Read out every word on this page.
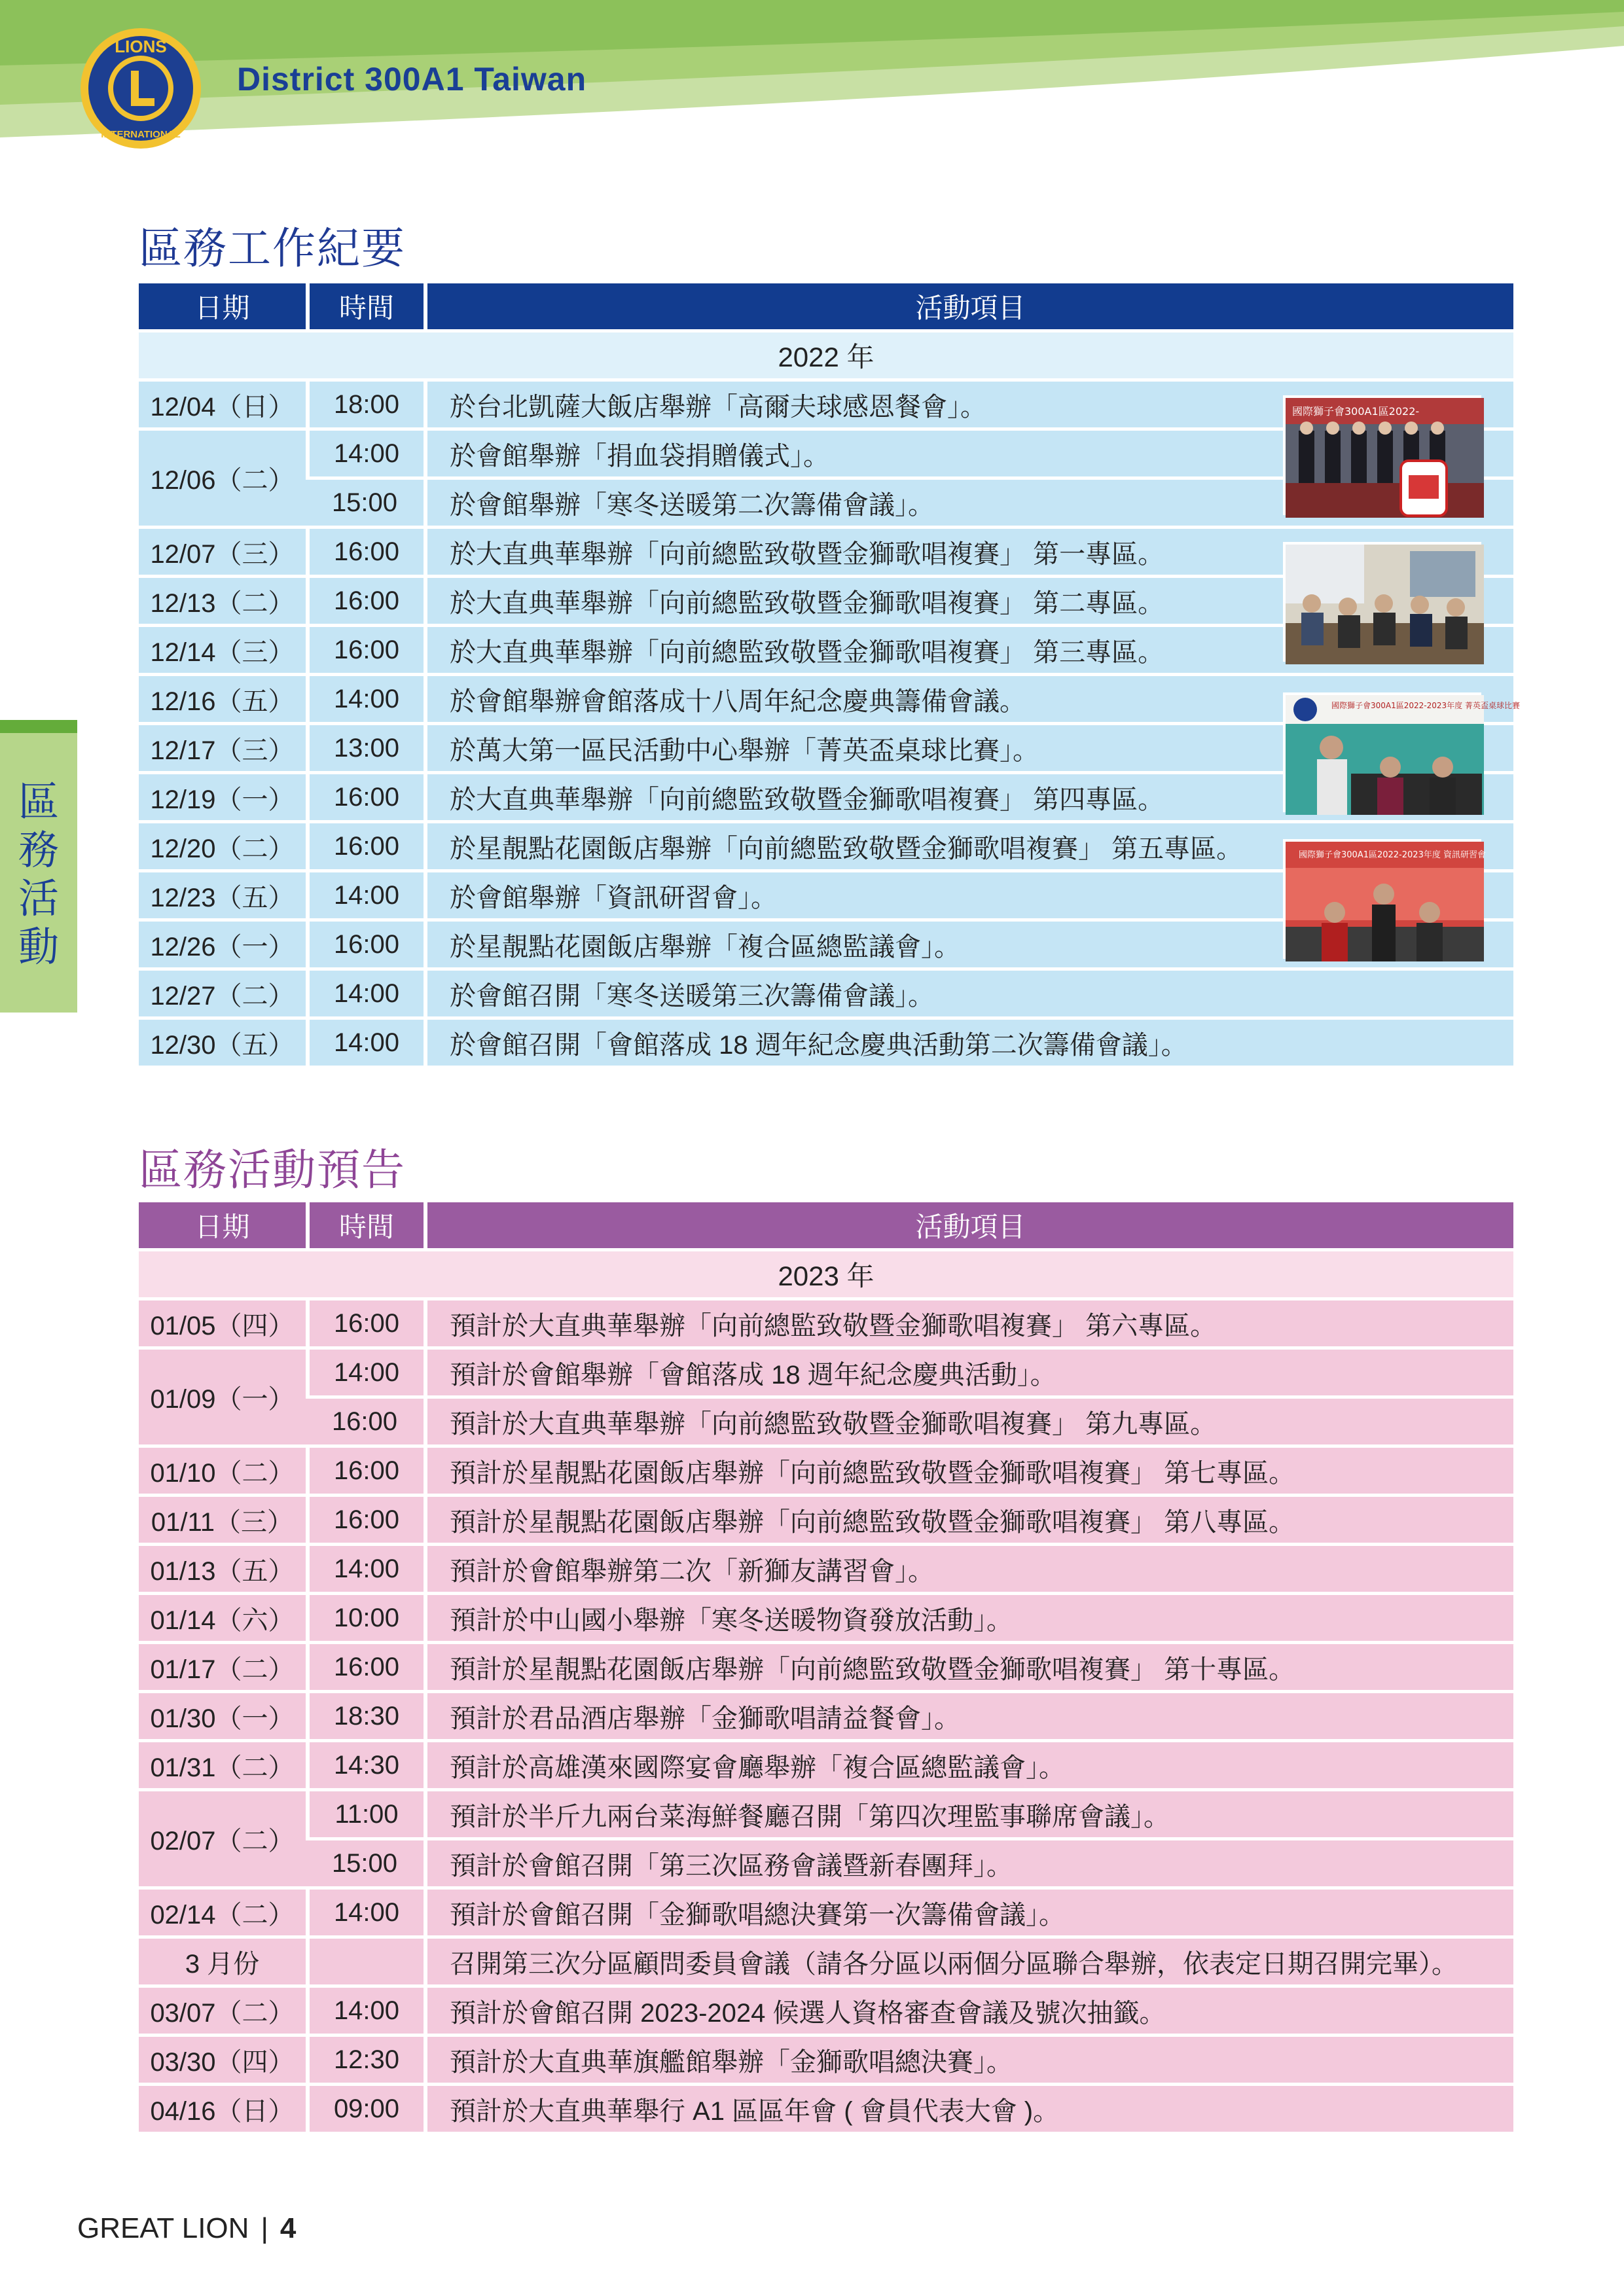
LIONS
INTERNATIONAL
District 300A1 Taiwan
區
務
活
動
區務工作紀要
日期	時間	活動項目
2022 年		
12/04（日）	18:00	於台北凱薩大飯店舉辦「高爾夫球感恩餐會」。
12/06（二）	14:00	於會館舉辦「捐血袋捐贈儀式」。
	15:00	於會館舉辦「寒冬送暖第二次籌備會議」。
12/07（三）	16:00	於大直典華舉辦「向前總監致敬暨金獅歌唱複賽」 第一專區。
12/13（二）	16:00	於大直典華舉辦「向前總監致敬暨金獅歌唱複賽」 第二專區。
12/14（三）	16:00	於大直典華舉辦「向前總監致敬暨金獅歌唱複賽」 第三專區。
12/16（五）	14:00	於會館舉辦會館落成十八周年紀念慶典籌備會議。
12/17（三）	13:00	於萬大第一區民活動中心舉辦「菁英盃桌球比賽」。
12/19（一）	16:00	於大直典華舉辦「向前總監致敬暨金獅歌唱複賽」 第四專區。
12/20（二）	16:00	於星靚點花園飯店舉辦「向前總監致敬暨金獅歌唱複賽」 第五專區。
12/23（五）	14:00	於會館舉辦「資訊研習會」。
12/26（一）	16:00	於星靚點花園飯店舉辦「複合區總監議會」。
12/27（二）	14:00	於會館召開「寒冬送暖第三次籌備會議」。
12/30（五）	14:00	於會館召開「會館落成 18 週年紀念慶典活動第二次籌備會議」。
國際獅子會300A1區2022-
國際獅子會300A1區2022-2023年度 菁英盃桌球比賽
國際獅子會300A1區2022-2023年度 資訊研習會
區務活動預告
日期	時間	活動項目
2023 年		
01/05（四）	16:00	預計於大直典華舉辦「向前總監致敬暨金獅歌唱複賽」 第六專區。
01/09（一）	14:00	預計於會館舉辦「會館落成 18 週年紀念慶典活動」。
	16:00	預計於大直典華舉辦「向前總監致敬暨金獅歌唱複賽」 第九專區。
01/10（二）	16:00	預計於星靚點花園飯店舉辦「向前總監致敬暨金獅歌唱複賽」 第七專區。
01/11（三）	16:00	預計於星靚點花園飯店舉辦「向前總監致敬暨金獅歌唱複賽」 第八專區。
01/13（五）	14:00	預計於會館舉辦第二次「新獅友講習會」。
01/14（六）	10:00	預計於中山國小舉辦「寒冬送暖物資發放活動」。
01/17（二）	16:00	預計於星靚點花園飯店舉辦「向前總監致敬暨金獅歌唱複賽」 第十專區。
01/30（一）	18:30	預計於君品酒店舉辦「金獅歌唱請益餐會」。
01/31（二）	14:30	預計於高雄漢來國際宴會廳舉辦「複合區總監議會」。
02/07（二）	11:00	預計於半斤九兩台菜海鮮餐廳召開「第四次理監事聯席會議」。
	15:00	預計於會館召開「第三次區務會議暨新春團拜」。
02/14（二）	14:00	預計於會館召開「金獅歌唱總決賽第一次籌備會議」。
3 月份		召開第三次分區顧問委員會議（請各分區以兩個分區聯合舉辦，依表定日期召開完畢）。
03/07（二）	14:00	預計於會館召開 2023-2024 候選人資格審查會議及號次抽籤。
03/30（四）	12:30	預計於大直典華旗艦館舉辦「金獅歌唱總決賽」。
04/16（日）	09:00	預計於大直典華舉行 A1 區區年會 ( 會員代表大會 )。
GREAT LION | 4
